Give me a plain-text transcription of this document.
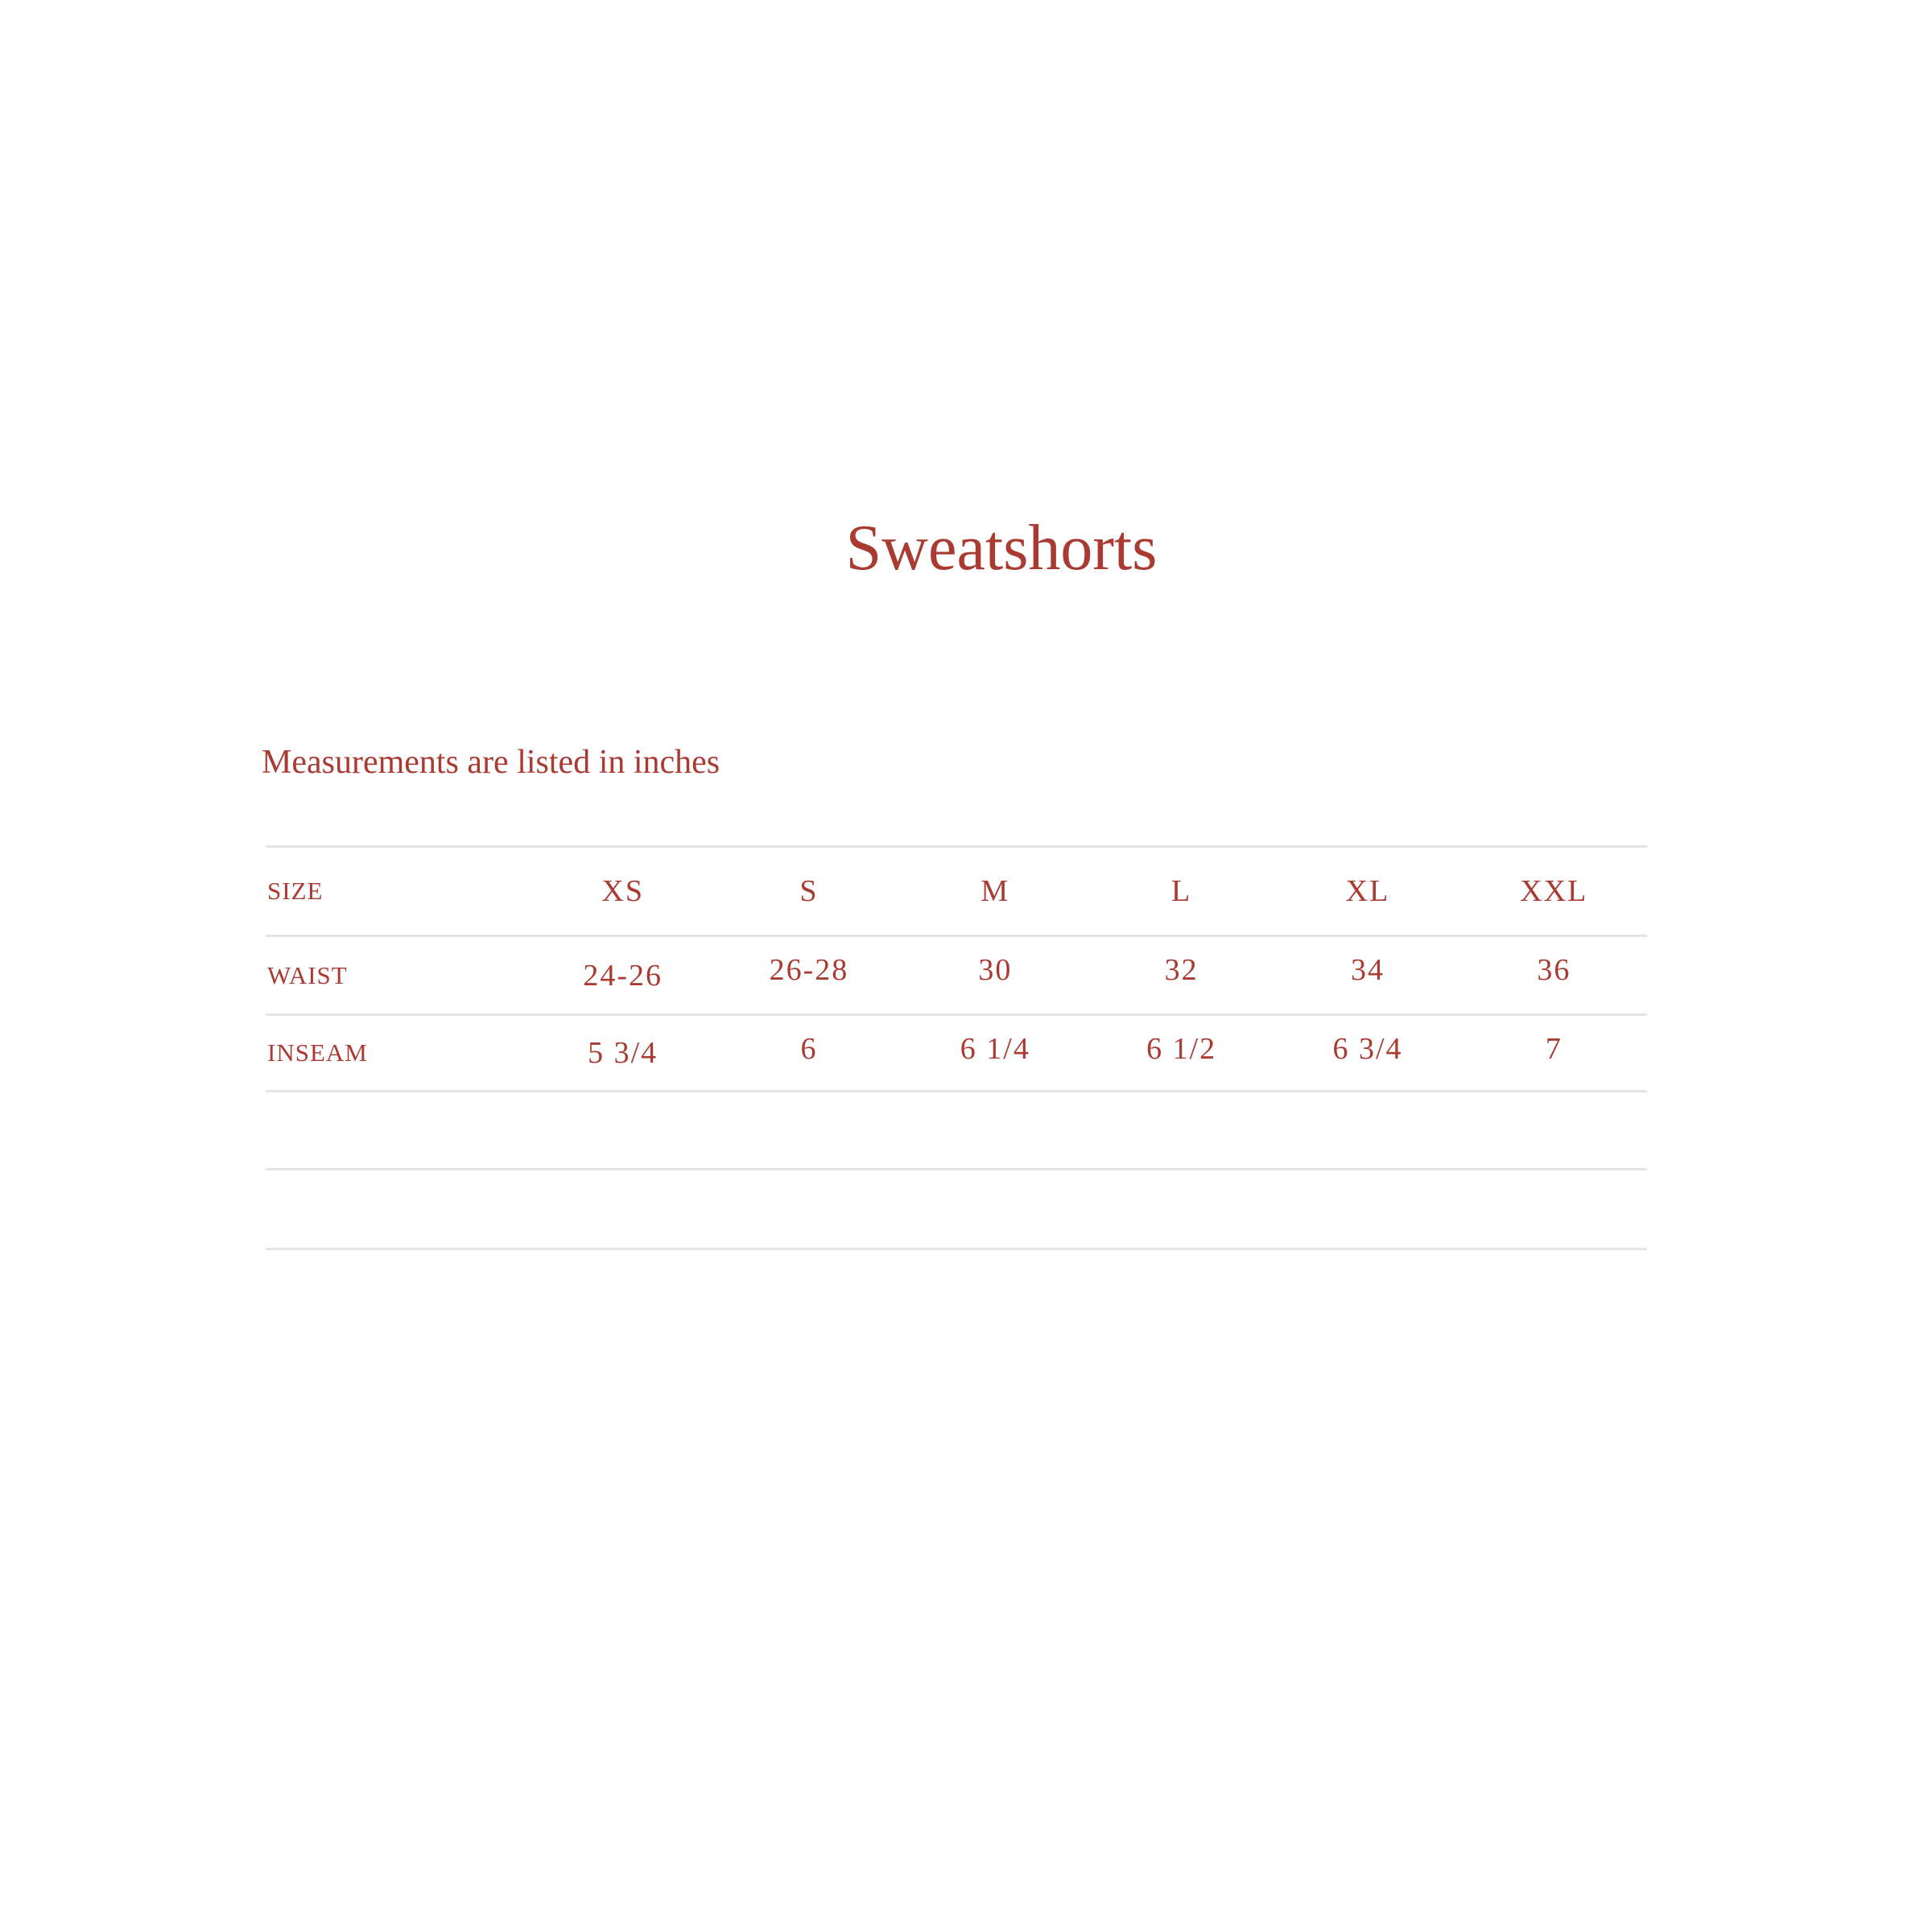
Sweatshorts

Measurements are listed in inches

SIZE	XS	S	M	L	XL	XXL
WAIST	24-26	26-28	30	32	34	36
INSEAM	5 3/4	6	6 1/4	6 1/2	6 3/4	7
